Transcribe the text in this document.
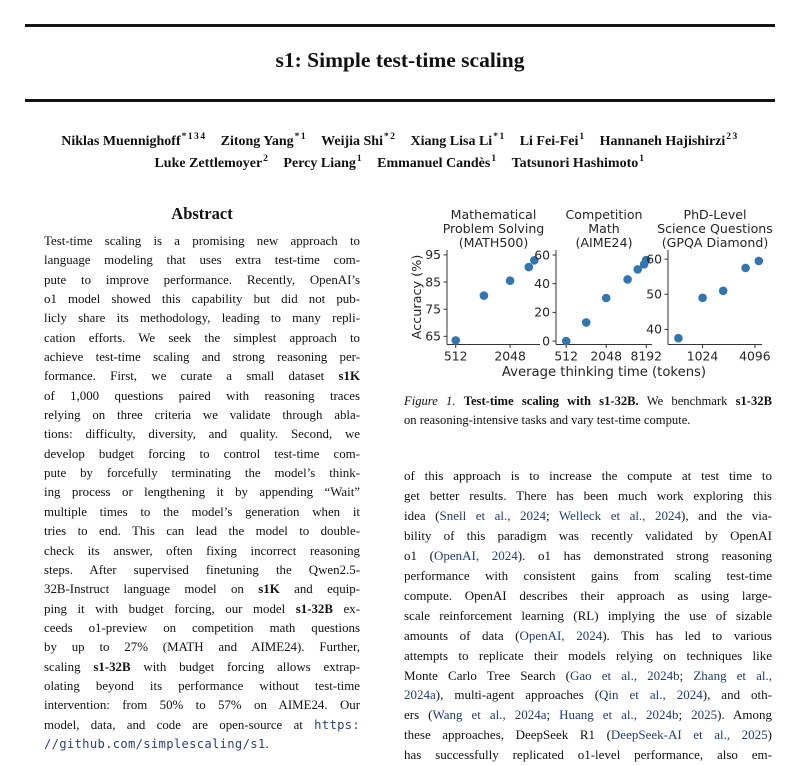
s1: Simple test-time scaling
Niklas Muennighoff$^{*134}$ Zitong Yang$^{*1}$ Weijia Shi$^{*2}$ Xiang Lisa Li$^{*1}$ Li Fei-Fei$^1$ Hannaneh Hajishirzi$^{23}$
Luke Zettlemoyer$^2$ Percy Liang$^1$ Emmanuel Candès$^1$ Tatsunori Hashimoto$^1$
Abstract
Test-time scaling is a promising new approach to
language modeling that uses extra test-time com-
pute to improve performance. Recently, OpenAI’s
o1 model showed this capability but did not pub-
licly share its methodology, leading to many repli-
cation efforts. We seek the simplest approach to
achieve test-time scaling and strong reasoning per-
formance. First, we curate a small dataset s1K
of 1,000 questions paired with reasoning traces
relying on three criteria we validate through abla-
tions: difficulty, diversity, and quality. Second, we
develop budget forcing to control test-time com-
pute by forcefully terminating the model’s think-
ing process or lengthening it by appending “Wait”
multiple times to the model’s generation when it
tries to end. This can lead the model to double-
check its answer, often fixing incorrect reasoning
steps. After supervised finetuning the Qwen2.5-
32B-Instruct language model on s1K and equip-
ping it with budget forcing, our model s1-32B ex-
ceeds o1-preview on competition math questions
by up to 27% (MATH and AIME24). Further,
scaling s1-32B with budget forcing allows extrap-
olating beyond its performance without test-time
intervention: from 50% to 57% on AIME24. Our
model, data, and code are open-source at https:
//github.com/simplescaling/s1.
Mathematical
Problem Solving
(MATH500)
65
75
85
95
512 2048
Competition
Math
(AIME24)
0
20
40
60
512 2048 8192
PhD-Level
Science Questions
(GPQA Diamond)
40
50
60
1024 4096
Accuracy (%)
Average thinking time (tokens)
Figure 1. Test-time scaling with s1-32B. We benchmark s1-32B
on reasoning-intensive tasks and vary test-time compute.
of this approach is to increase the compute at test time to
get better results. There has been much work exploring this
idea (Snell et al., 2024; Welleck et al., 2024), and the via-
bility of this paradigm was recently validated by OpenAI
o1 (OpenAI, 2024). o1 has demonstrated strong reasoning
performance with consistent gains from scaling test-time
compute. OpenAI describes their approach as using large-
scale reinforcement learning (RL) implying the use of sizable
amounts of data (OpenAI, 2024). This has led to various
attempts to replicate their models relying on techniques like
Monte Carlo Tree Search (Gao et al., 2024b; Zhang et al.,
2024a), multi-agent approaches (Qin et al., 2024), and oth-
ers (Wang et al., 2024a; Huang et al., 2024b; 2025). Among
these approaches, DeepSeek R1 (DeepSeek-AI et al., 2025)
has successfully replicated o1-level performance, also em-
